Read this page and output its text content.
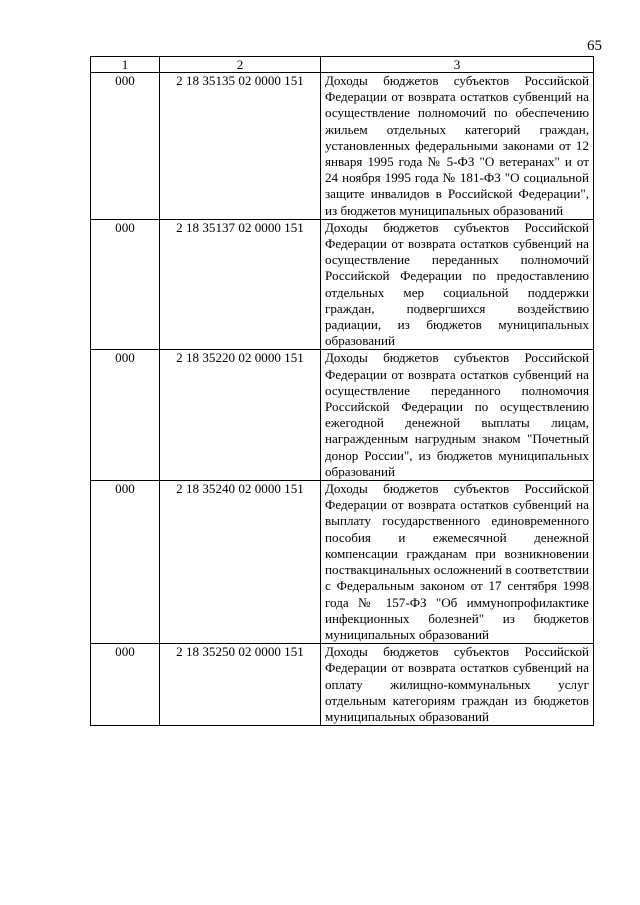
65
1	2	3
000	2 18 35135 02 0000 151	Доходы бюджетов субъектов Российской Федерации от возврата остатков субвенций на осуществление полномочий по обеспечению жильем отдельных категорий граждан, установленных федеральными законами от 12 января 1995 года № 5-ФЗ "О ветеранах" и от 24 ноября 1995 года № 181-ФЗ "О социальной защите инвалидов в Российской Федерации", из бюджетов муниципальных образований
000	2 18 35137 02 0000 151	Доходы бюджетов субъектов Российской Федерации от возврата остатков субвенций на осуществление переданных полномочий Российской Федерации по предоставлению отдельных мер социальной поддержки граждан, подвергшихся воздействию радиации, из бюджетов муниципальных образований
000	2 18 35220 02 0000 151	Доходы бюджетов субъектов Российской Федерации от возврата остатков субвенций на осуществление переданного полномочия Российской Федерации по осуществлению ежегодной денежной выплаты лицам, награжденным нагрудным знаком "Почетный донор России", из бюджетов муниципальных образований
000	2 18 35240 02 0000 151	Доходы бюджетов субъектов Российской Федерации от возврата остатков субвенций на выплату государственного единовременного пособия и ежемесячной денежной компенсации гражданам при возникновении поствакцинальных осложнений в соответствии с Федеральным законом от 17 сентября 1998 года № 157-ФЗ "Об иммунопрофилактике инфекционных болезней" из бюджетов муниципальных образований
000	2 18 35250 02 0000 151	Доходы бюджетов субъектов Российской Федерации от возврата остатков субвенций на оплату жилищно-коммунальных услуг отдельным категориям граждан из бюджетов муниципальных образований
